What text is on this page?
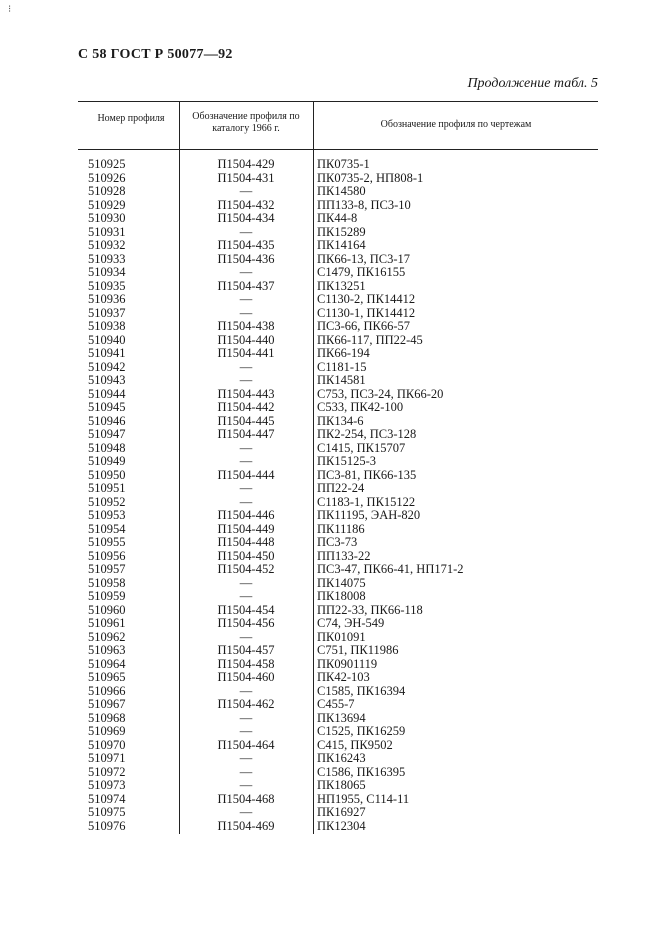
⁝
С 58 ГОСТ Р 50077—92
Продолжение табл. 5
Номер профиля	Обозначение профиля по каталогу 1966 г.	Обозначение профиля по чертежам
510925	П1504-429	ПК0735-1
510926	П1504-431	ПК0735-2, НП808-1
510928	—	ПК14580
510929	П1504-432	ПП133-8, ПС3-10
510930	П1504-434	ПК44-8
510931	—	ПК15289
510932	П1504-435	ПК14164
510933	П1504-436	ПК66-13, ПС3-17
510934	—	С1479, ПК16155
510935	П1504-437	ПК13251
510936	—	С1130-2, ПК14412
510937	—	С1130-1, ПК14412
510938	П1504-438	ПС3-66, ПК66-57
510940	П1504-440	ПК66-117, ПП22-45
510941	П1504-441	ПК66-194
510942	—	С1181-15
510943	—	ПК14581
510944	П1504-443	С753, ПС3-24, ПК66-20
510945	П1504-442	С533, ПК42-100
510946	П1504-445	ПК134-6
510947	П1504-447	ПК2-254, ПС3-128
510948	—	С1415, ПК15707
510949	—	ПК15125-3
510950	П1504-444	ПС3-81, ПК66-135
510951	—	ПП22-24
510952	—	С1183-1, ПК15122
510953	П1504-446	ПК11195, ЭАН-820
510954	П1504-449	ПК11186
510955	П1504-448	ПС3-73
510956	П1504-450	ПП133-22
510957	П1504-452	ПС3-47, ПК66-41, НП171-2
510958	—	ПК14075
510959	—	ПК18008
510960	П1504-454	ПП22-33, ПК66-118
510961	П1504-456	С74, ЭН-549
510962	—	ПК01091
510963	П1504-457	С751, ПК11986
510964	П1504-458	ПК0901119
510965	П1504-460	ПК42-103
510966	—	С1585, ПК16394
510967	П1504-462	С455-7
510968	—	ПК13694
510969	—	С1525, ПК16259
510970	П1504-464	С415, ПК9502
510971	—	ПК16243
510972	—	С1586, ПК16395
510973	—	ПК18065
510974	П1504-468	НП1955, С114-11
510975	—	ПК16927
510976	П1504-469	ПК12304
